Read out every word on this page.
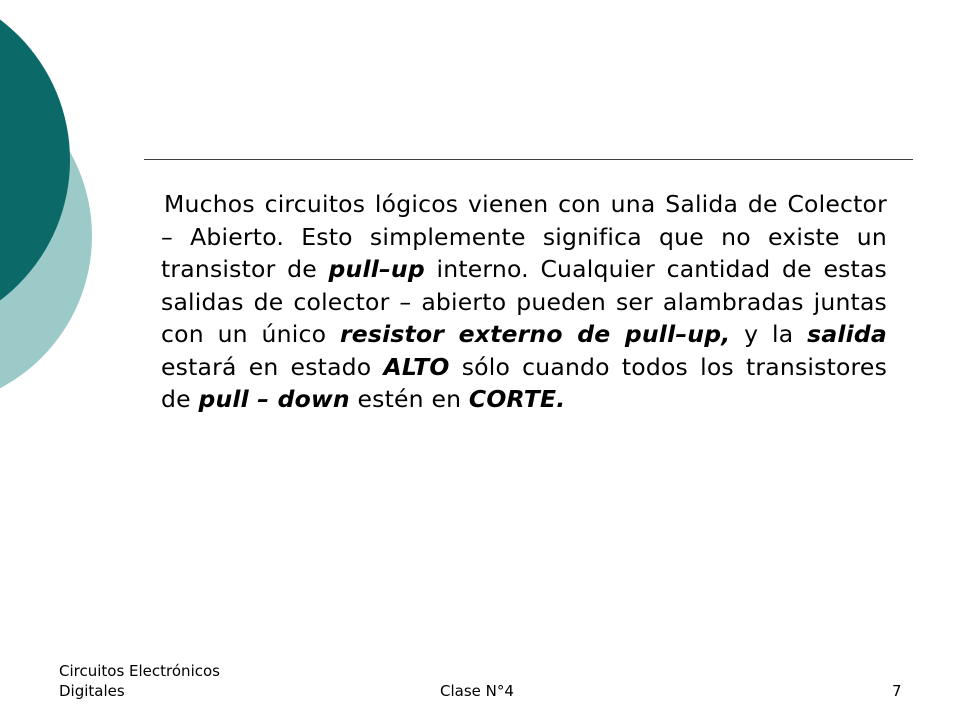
Muchos circuitos lógicos vienen con una Salida de Colector – Abierto. Esto simplemente significa que no existe un transistor de pull–up interno. Cualquier cantidad de estas salidas de colector – abierto pueden ser alambradas juntas con un único resistor externo de pull–up, y la salida estará en estado ALTO sólo cuando todos los transistores de pull – down estén en CORTE.

Circuitos Electrónicos
Digitales	Clase N°4	7
